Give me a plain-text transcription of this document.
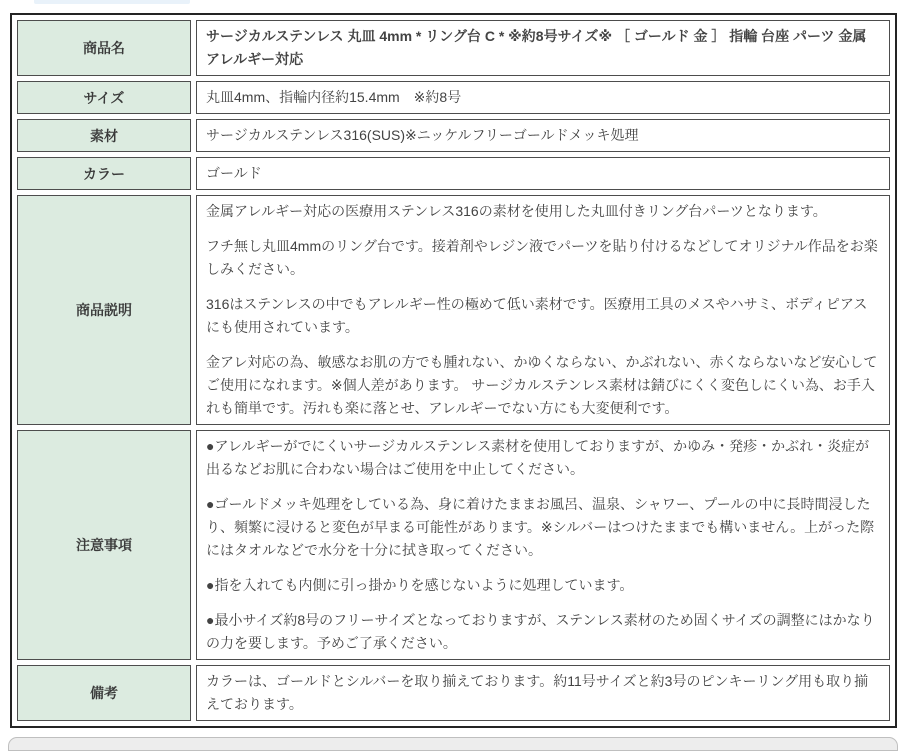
商品名	サージカルステンレス 丸皿 4mm * リング台 C * ※約8号サイズ※ ［ ゴールド 金 ］ 指輪 台座 パーツ 金属アレルギー対応

サイズ	丸皿4mm、指輪内径約15.4mm　※約8号

素材	サージカルステンレス316(SUS)※ニッケルフリーゴールドメッキ処理

カラー	ゴールド

商品説明	金属アレルギー対応の医療用ステンレス316の素材を使用した丸皿付きリング台パーツとなります。

フチ無し丸皿4mmのリング台です。接着剤やレジン液でパーツを貼り付けるなどしてオリジナル作品をお楽しみください。

316はステンレスの中でもアレルギー性の極めて低い素材です。医療用工具のメスやハサミ、ボディピアスにも使用されています。

金アレ対応の為、敏感なお肌の方でも腫れない、かゆくならない、かぶれない、赤くならないなど安心してご使用になれます。※個人差があります。 サージカルステンレス素材は錆びにくく変色しにくい為、お手入れも簡単です。汚れも楽に落とせ、アレルギーでない方にも大変便利です。

注意事項	●アレルギーがでにくいサージカルステンレス素材を使用しておりますが、かゆみ・発疹・かぶれ・炎症が出るなどお肌に合わない場合はご使用を中止してください。

●ゴールドメッキ処理をしている為、身に着けたままお風呂、温泉、シャワー、プールの中に長時間浸したり、頻繁に浸けると変色が早まる可能性があります。※シルバーはつけたままでも構いません。上がった際にはタオルなどで水分を十分に拭き取ってください。

●指を入れても内側に引っ掛かりを感じないように処理しています。

●最小サイズ約8号のフリーサイズとなっておりますが、ステンレス素材のため固くサイズの調整にはかなりの力を要します。予めご了承ください。

備考	カラーは、ゴールドとシルバーを取り揃えております。約11号サイズと約3号のピンキーリング用も取り揃えております。
